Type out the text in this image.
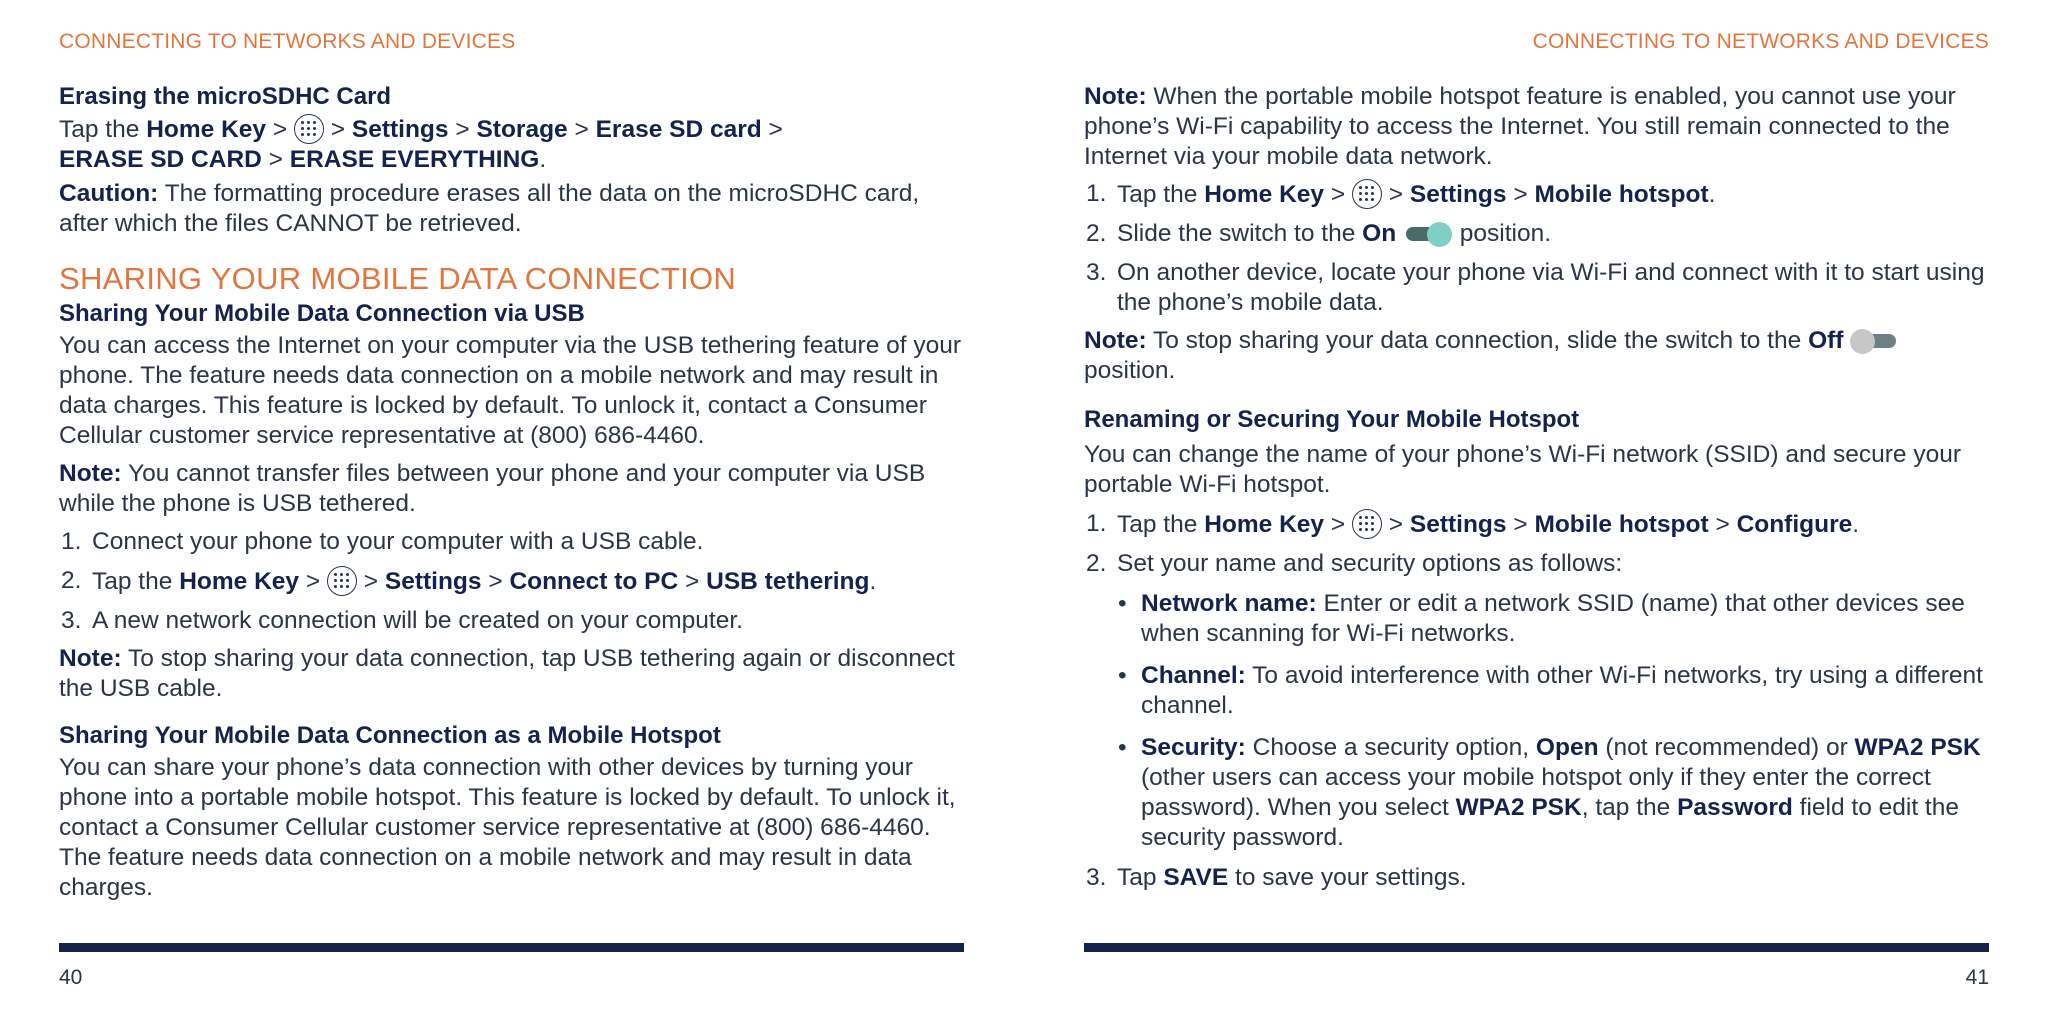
CONNECTING TO NETWORKS AND DEVICES

Erasing the microSDHC Card

Tap the Home Key >
> Settings > Storage > Erase SD card >
ERASE SD CARD > ERASE EVERYTHING.

Caution: The formatting procedure erases all the data on the microSDHC card, after which the files CANNOT be retrieved.

SHARING YOUR MOBILE DATA CONNECTION

Sharing Your Mobile Data Connection via USB

You can access the Internet on your computer via the USB tethering feature of your phone. The feature needs data connection on a mobile network and may result in data charges. This feature is locked by default. To unlock it, contact a Consumer Cellular customer service representative at (800) 686-4460.

Note: You cannot transfer files between your phone and your computer via USB while the phone is USB tethered.

1. Connect your phone to your computer with a USB cable.
2. Tap the Home Key >
> Settings > Connect to PC > USB tethering.
3. A new network connection will be created on your computer.

Note: To stop sharing your data connection, tap USB tethering again or disconnect the USB cable.

Sharing Your Mobile Data Connection as a Mobile Hotspot

You can share your phone’s data connection with other devices by turning your phone into a portable mobile hotspot. This feature is locked by default. To unlock it, contact a Consumer Cellular customer service representative at (800) 686-4460. The feature needs data connection on a mobile network and may result in data charges.

40
CONNECTING TO NETWORKS AND DEVICES

Note: When the portable mobile hotspot feature is enabled, you cannot use your phone’s Wi-Fi capability to access the Internet. You still remain connected to the Internet via your mobile data network.

1. Tap the Home Key >
> Settings > Mobile hotspot.
2. Slide the switch to the On
position.
3. On another device, locate your phone via Wi-Fi and connect with it to start using the phone’s mobile data.

Note: To stop sharing your data connection, slide the switch to the Off
position.

Renaming or Securing Your Mobile Hotspot

You can change the name of your phone’s Wi-Fi network (SSID) and secure your portable Wi-Fi hotspot.

1. Tap the Home Key >
> Settings > Mobile hotspot > Configure.
2. Set your name and security options as follows:
• Network name: Enter or edit a network SSID (name) that other devices see when scanning for Wi-Fi networks.
• Channel: To avoid interference with other Wi-Fi networks, try using a different channel.
• Security: Choose a security option, Open (not recommended) or WPA2 PSK (other users can access your mobile hotspot only if they enter the correct password). When you select WPA2 PSK, tap the Password field to edit the security password.
3. Tap SAVE to save your settings.
41
